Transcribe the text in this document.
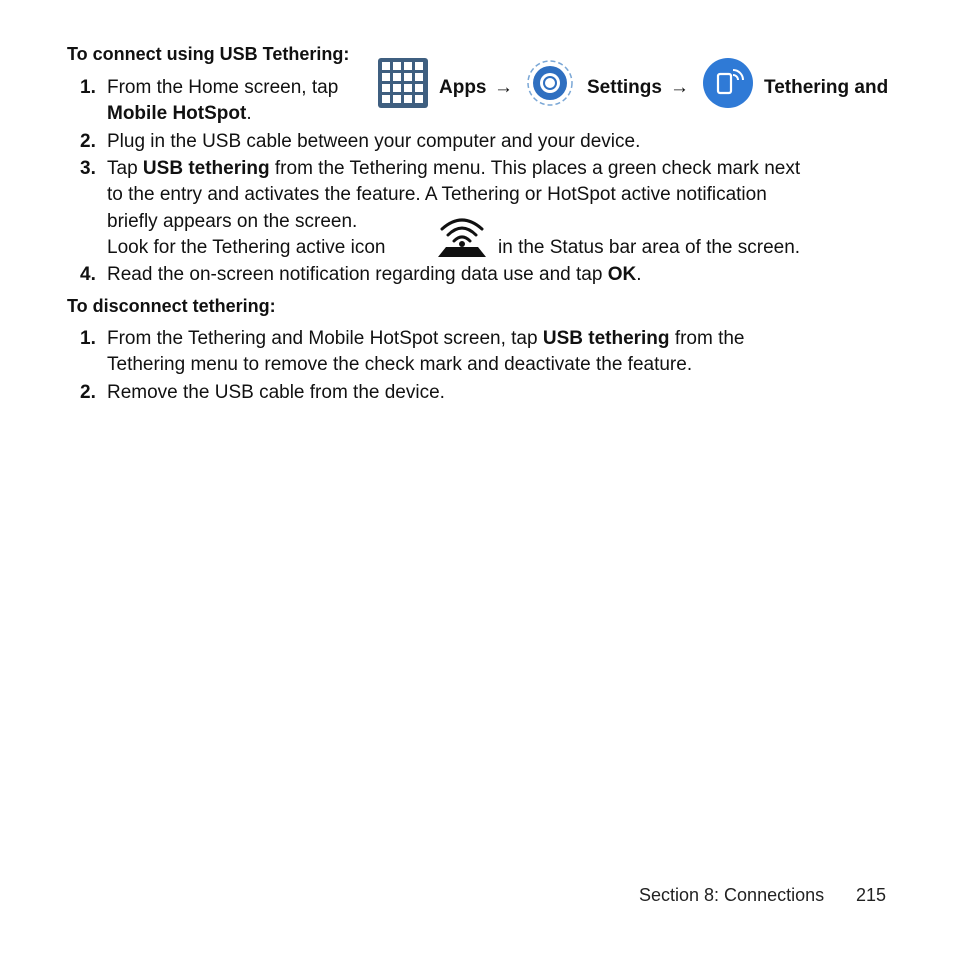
To connect using USB Tethering:
1. From the Home screen, tap	Apps →	Settings →	Tethering and
Mobile HotSpot.
2. Plug in the USB cable between your computer and your device.
3. Tap USB tethering from the Tethering menu. This places a green check mark next
to the entry and activates the feature. A Tethering or HotSpot active notification
briefly appears on the screen.
Look for the Tethering active icon	in the Status bar area of the screen.
4. Read the on-screen notification regarding data use and tap OK.
To disconnect tethering:
1. From the Tethering and Mobile HotSpot screen, tap USB tethering from the
Tethering menu to remove the check mark and deactivate the feature.
2. Remove the USB cable from the device.
Section 8: Connections 215
